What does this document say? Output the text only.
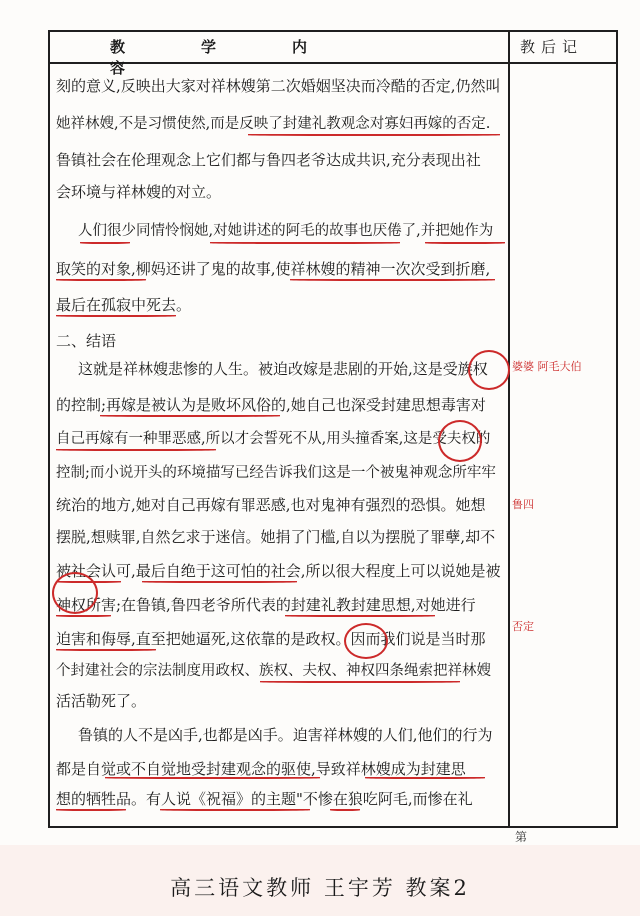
教学内容
教后记
刻的意义,反映出大家对祥林嫂第二次婚姻坚决而冷酷的否定,仍然叫
她祥林嫂,不是习惯使然,而是反映了封建礼教观念对寡妇再嫁的否定.
鲁镇社会在伦理观念上它们都与鲁四老爷达成共识,充分表现出社
会环境与祥林嫂的对立。
人们很少同情怜悯她,对她讲述的阿毛的故事也厌倦了,并把她作为
取笑的对象,柳妈还讲了鬼的故事,使祥林嫂的精神一次次受到折磨,
最后在孤寂中死去。
二、结语
这就是祥林嫂悲惨的人生。被迫改嫁是悲剧的开始,这是受族权
的控制;再嫁是被认为是败坏风俗的,她自己也深受封建思想毒害对
自己再嫁有一种罪恶感,所以才会誓死不从,用头撞香案,这是受夫权的
控制;而小说开头的环境描写已经告诉我们这是一个被鬼神观念所牢牢
统治的地方,她对自己再嫁有罪恶感,也对鬼神有强烈的恐惧。她想
摆脱,想赎罪,自然乞求于迷信。她捐了门槛,自以为摆脱了罪孽,却不
被社会认可,最后自绝于这可怕的社会,所以很大程度上可以说她是被
神权所害;在鲁镇,鲁四老爷所代表的封建礼教封建思想,对她进行
迫害和侮辱,直至把她逼死,这依靠的是政权。因而我们说是当时那
个封建社会的宗法制度用政权、族权、夫权、神权四条绳索把祥林嫂
活活勒死了。
鲁镇的人不是凶手,也都是凶手。迫害祥林嫂的人们,他们的行为
都是自觉或不自觉地受封建观念的驱使,导致祥林嫂成为封建思
想的牺牲品。有人说《祝福》的主题"不惨在狼吃阿毛,而惨在礼
婆婆 阿毛大伯
鲁四
否定
第
高三语文教师 王宇芳 教案2
